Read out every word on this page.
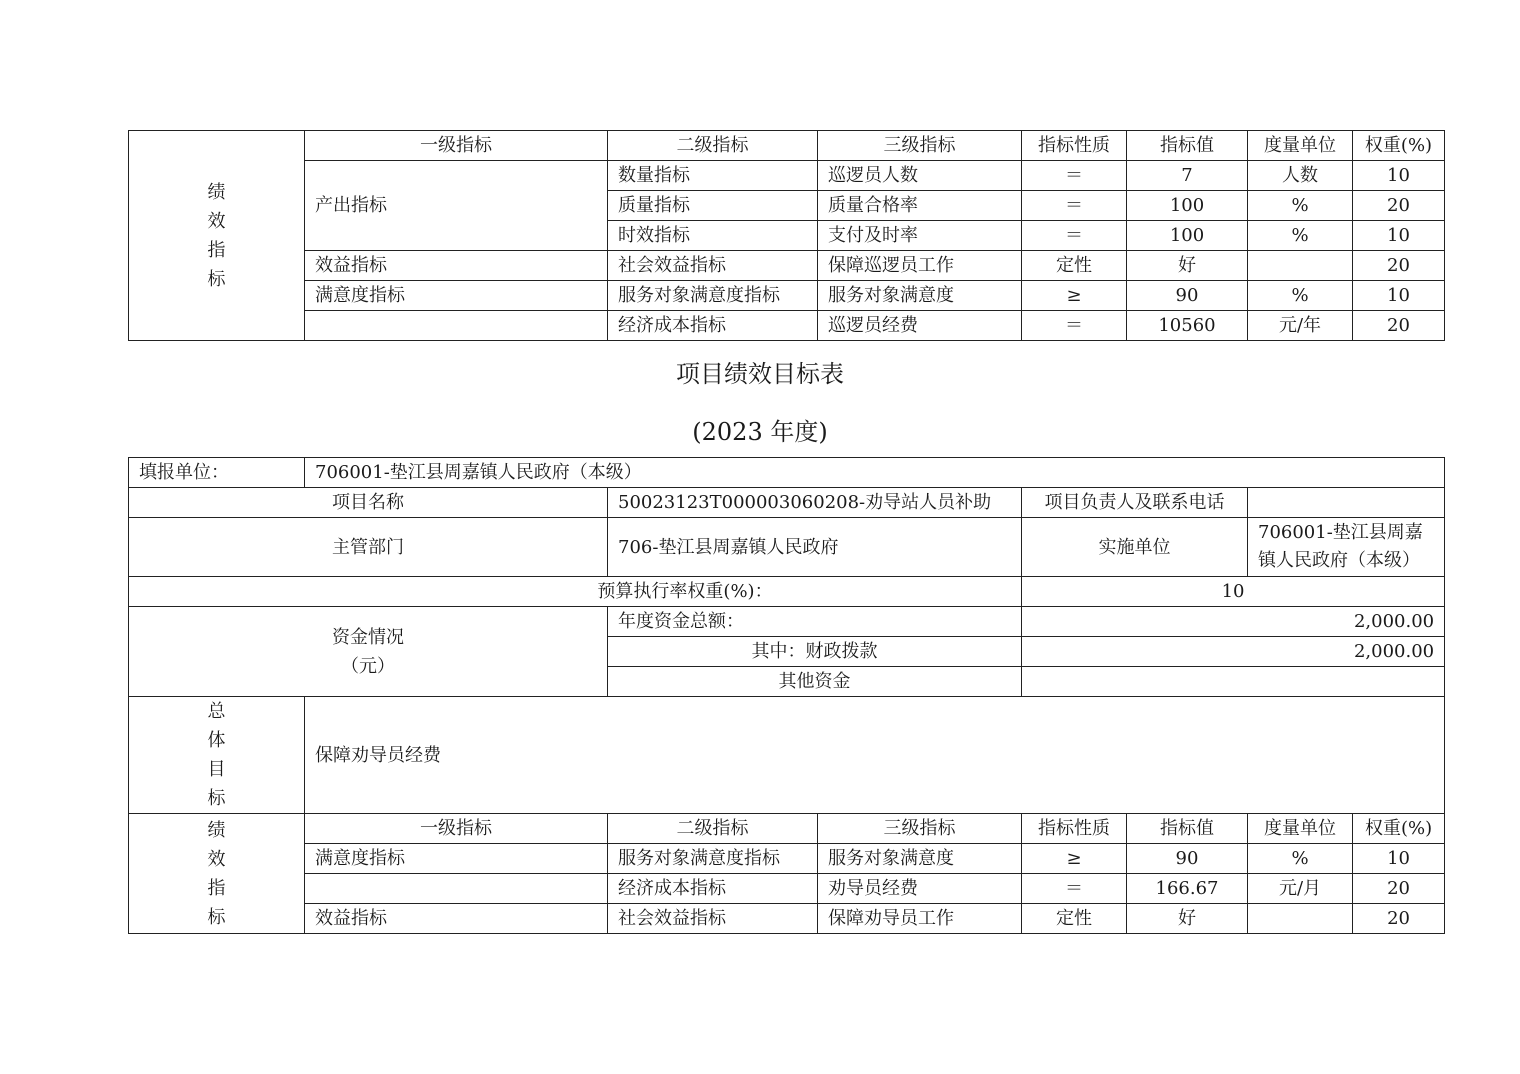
绩
效
指
标	一级指标	二级指标	三级指标	指标性质	指标值	度量单位	权重(%)
	产出指标	数量指标	巡逻员人数	＝	7	人数	10
		质量指标	质量合格率	＝	100	%	20
		时效指标	支付及时率	＝	100	%	10
	效益指标	社会效益指标	保障巡逻员工作	定性	好		20
	满意度指标	服务对象满意度指标	服务对象满意度	≥	90	%	10
		经济成本指标	巡逻员经费	＝	10560	元/年	20
项目绩效目标表
(2023 年度)
填报单位：	706001-垫江县周嘉镇人民政府（本级）						
项目名称		50023123T000003060208-劝导站人员补助		项目负责人及联系电话			
主管部门		706-垫江县周嘉镇人民政府		实施单位		706001-垫江县周嘉镇人民政府（本级）	
预算执行率权重(%)：				10			

资金情况
（元）		年度资金总额：		2,000.00			
		其中：财政拨款		2,000.00			
		其他资金					

总
体
目
标	保障劝导员经费						

绩
效
指
标	一级指标	二级指标	三级指标	指标性质	指标值	度量单位	权重(%)
	满意度指标	服务对象满意度指标	服务对象满意度	≥	90	%	10
		经济成本指标	劝导员经费	＝	166.67	元/月	20
	效益指标	社会效益指标	保障劝导员工作	定性	好		20
